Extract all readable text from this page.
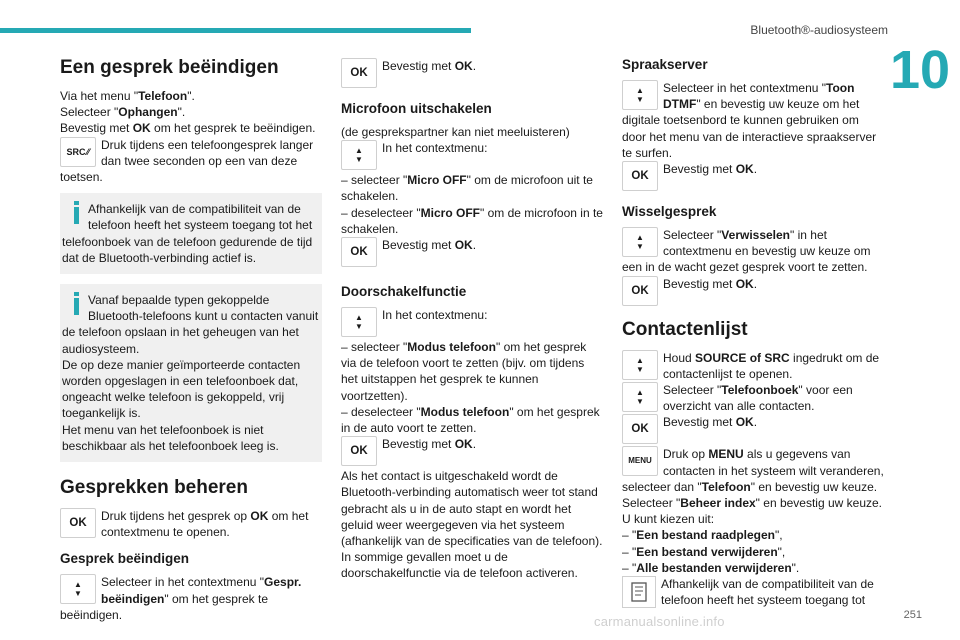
Bluetooth®-audiosysteem
10
Een gesprek beëindigen

Via het menu "Telefoon".

Selecteer "Ophangen".

Bevestig met OK om het gesprek te beëindigen.

SRC ⁄⁄ Druk tijdens een telefoongesprek langer dan twee seconden op een van deze toetsen.

Afhankelijk van de compatibiliteit van de telefoon heeft het systeem toegang tot het telefoonboek van de telefoon gedurende de tijd dat de Bluetooth-verbinding actief is.

Vanaf bepaalde typen gekoppelde Bluetooth-telefoons kunt u contacten vanuit de telefoon opslaan in het geheugen van het audiosysteem.

De op deze manier geïmporteerde contacten worden opgeslagen in een telefoonboek dat, ongeacht welke telefoon is gekoppeld, vrij toegankelijk is.

Het menu van het telefoonboek is niet beschikbaar als het telefoonboek leeg is.

Gesprekken beheren
OK	Druk tijdens het gesprek op OK om het contextmenu te openen.

Gesprek beëindigen
▲
▼

Selecteer in het contextmenu "Gespr. beëindigen" om het gesprek te beëindigen.

OK	Bevestig met OK.

Microfoon uitschakelen

(de gesprekspartner kan niet meeluisteren)

▲
▼

In het contextmenu:

– selecteer "Micro OFF" om de microfoon uit te schakelen.

– deselecteer "Micro OFF" om de microfoon in te schakelen.

OK	Bevestig met OK.

Doorschakelfunctie
▲
▼

In het contextmenu:

– selecteer "Modus telefoon" om het gesprek via de telefoon voort te zetten (bijv. om tijdens het uitstappen het gesprek te kunnen voortzetten).

– deselecteer "Modus telefoon" om het gesprek in de auto voort te zetten.

OK	Bevestig met OK.

Als het contact is uitgeschakeld wordt de Bluetooth-verbinding automatisch weer tot stand gebracht als u in de auto stapt en wordt het geluid weer weergegeven via het systeem (afhankelijk van de specificaties van de telefoon).

In sommige gevallen moet u de doorschakelfunctie via de telefoon activeren.

Spraakserver
▲
▼

Selecteer in het contextmenu "Toon DTMF" en bevestig uw keuze om het digitale toetsenbord te kunnen gebruiken om door het menu van de interactieve spraakserver te surfen.

OK	Bevestig met OK.

Wisselgesprek
▲
▼

Selecteer "Verwisselen" in het contextmenu en bevestig uw keuze om een in de wacht gezet gesprek voort te zetten.

OK	Bevestig met OK.

Contactenlijst
▲
▼

Houd SOURCE of SRC ingedrukt om de contactenlijst te openen.

▲
▼

Selecteer "Telefoonboek" voor een overzicht van alle contacten.

OK	Bevestig met OK.

MENU Druk op MENU als u gegevens van contacten in het systeem wilt veranderen, selecteer dan "Telefoon" en bevestig uw keuze.

Selecteer "Beheer index" en bevestig uw keuze.

U kunt kiezen uit:

– "Een bestand raadplegen",

– "Een bestand verwijderen",

– "Alle bestanden verwijderen".

Afhankelijk van de compatibiliteit van de telefoon heeft het systeem toegang tot

251
carmanualsonline.info
